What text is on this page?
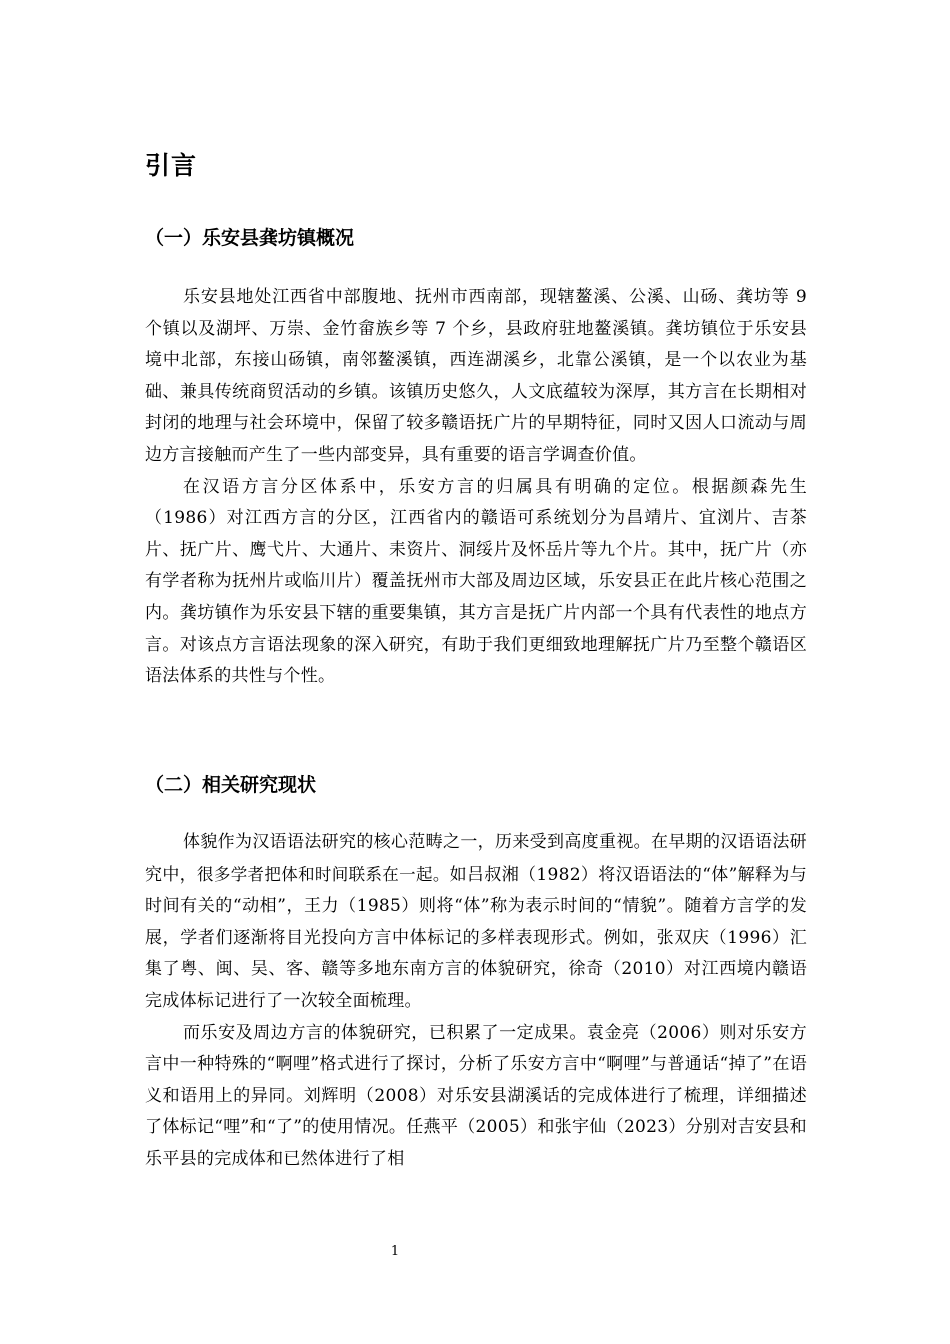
引言
（一）乐安县龚坊镇概况

乐安县地处江西省中部腹地、抚州市西南部，现辖鳌溪、公溪、山砀、龚坊等 9 个镇以及湖坪、万崇、金竹畲族乡等 7 个乡，县政府驻地鳌溪镇。龚坊镇位于乐安县境中北部，东接山砀镇，南邻鳌溪镇，西连湖溪乡，北靠公溪镇，是一个以农业为基础、兼具传统商贸活动的乡镇。该镇历史悠久，人文底蕴较为深厚，其方言在长期相对封闭的地理与社会环境中，保留了较多赣语抚广片的早期特征，同时又因人口流动与周边方言接触而产生了一些内部变异，具有重要的语言学调查价值。

在汉语方言分区体系中，乐安方言的归属具有明确的定位。根据颜森先生（1986）对江西方言的分区，江西省内的赣语可系统划分为昌靖片、宜浏片、吉茶片、抚广片、鹰弋片、大通片、耒资片、洞绥片及怀岳片等九个片。其中，抚广片（亦有学者称为抚州片或临川片）覆盖抚州市大部及周边区域，乐安县正在此片核心范围之内。龚坊镇作为乐安县下辖的重要集镇，其方言是抚广片内部一个具有代表性的地点方言。对该点方言语法现象的深入研究，有助于我们更细致地理解抚广片乃至整个赣语区语法体系的共性与个性。

（二）相关研究现状

体貌作为汉语语法研究的核心范畴之一，历来受到高度重视。在早期的汉语语法研究中，很多学者把体和时间联系在一起。如吕叔湘（1982）将汉语语法的“体”解释为与时间有关的“动相”，王力（1985）则将“体”称为表示时间的“情貌”。随着方言学的发展，学者们逐渐将目光投向方言中体标记的多样表现形式。例如，张双庆（1996）汇集了粤、闽、吴、客、赣等多地东南方言的体貌研究，徐奇（2010）对江西境内赣语完成体标记进行了一次较全面梳理。

而乐安及周边方言的体貌研究，已积累了一定成果。袁金亮（2006）则对乐安方言中一种特殊的“啊哩”格式进行了探讨，分析了乐安方言中“啊哩”与普通话“掉了”在语义和语用上的异同。刘辉明（2008）对乐安县湖溪话的完成体进行了梳理，详细描述了体标记“哩”和“了”的使用情况。任燕平（2005）和张宇仙（2023）分别对吉安县和乐平县的完成体和已然体进行了相

1
